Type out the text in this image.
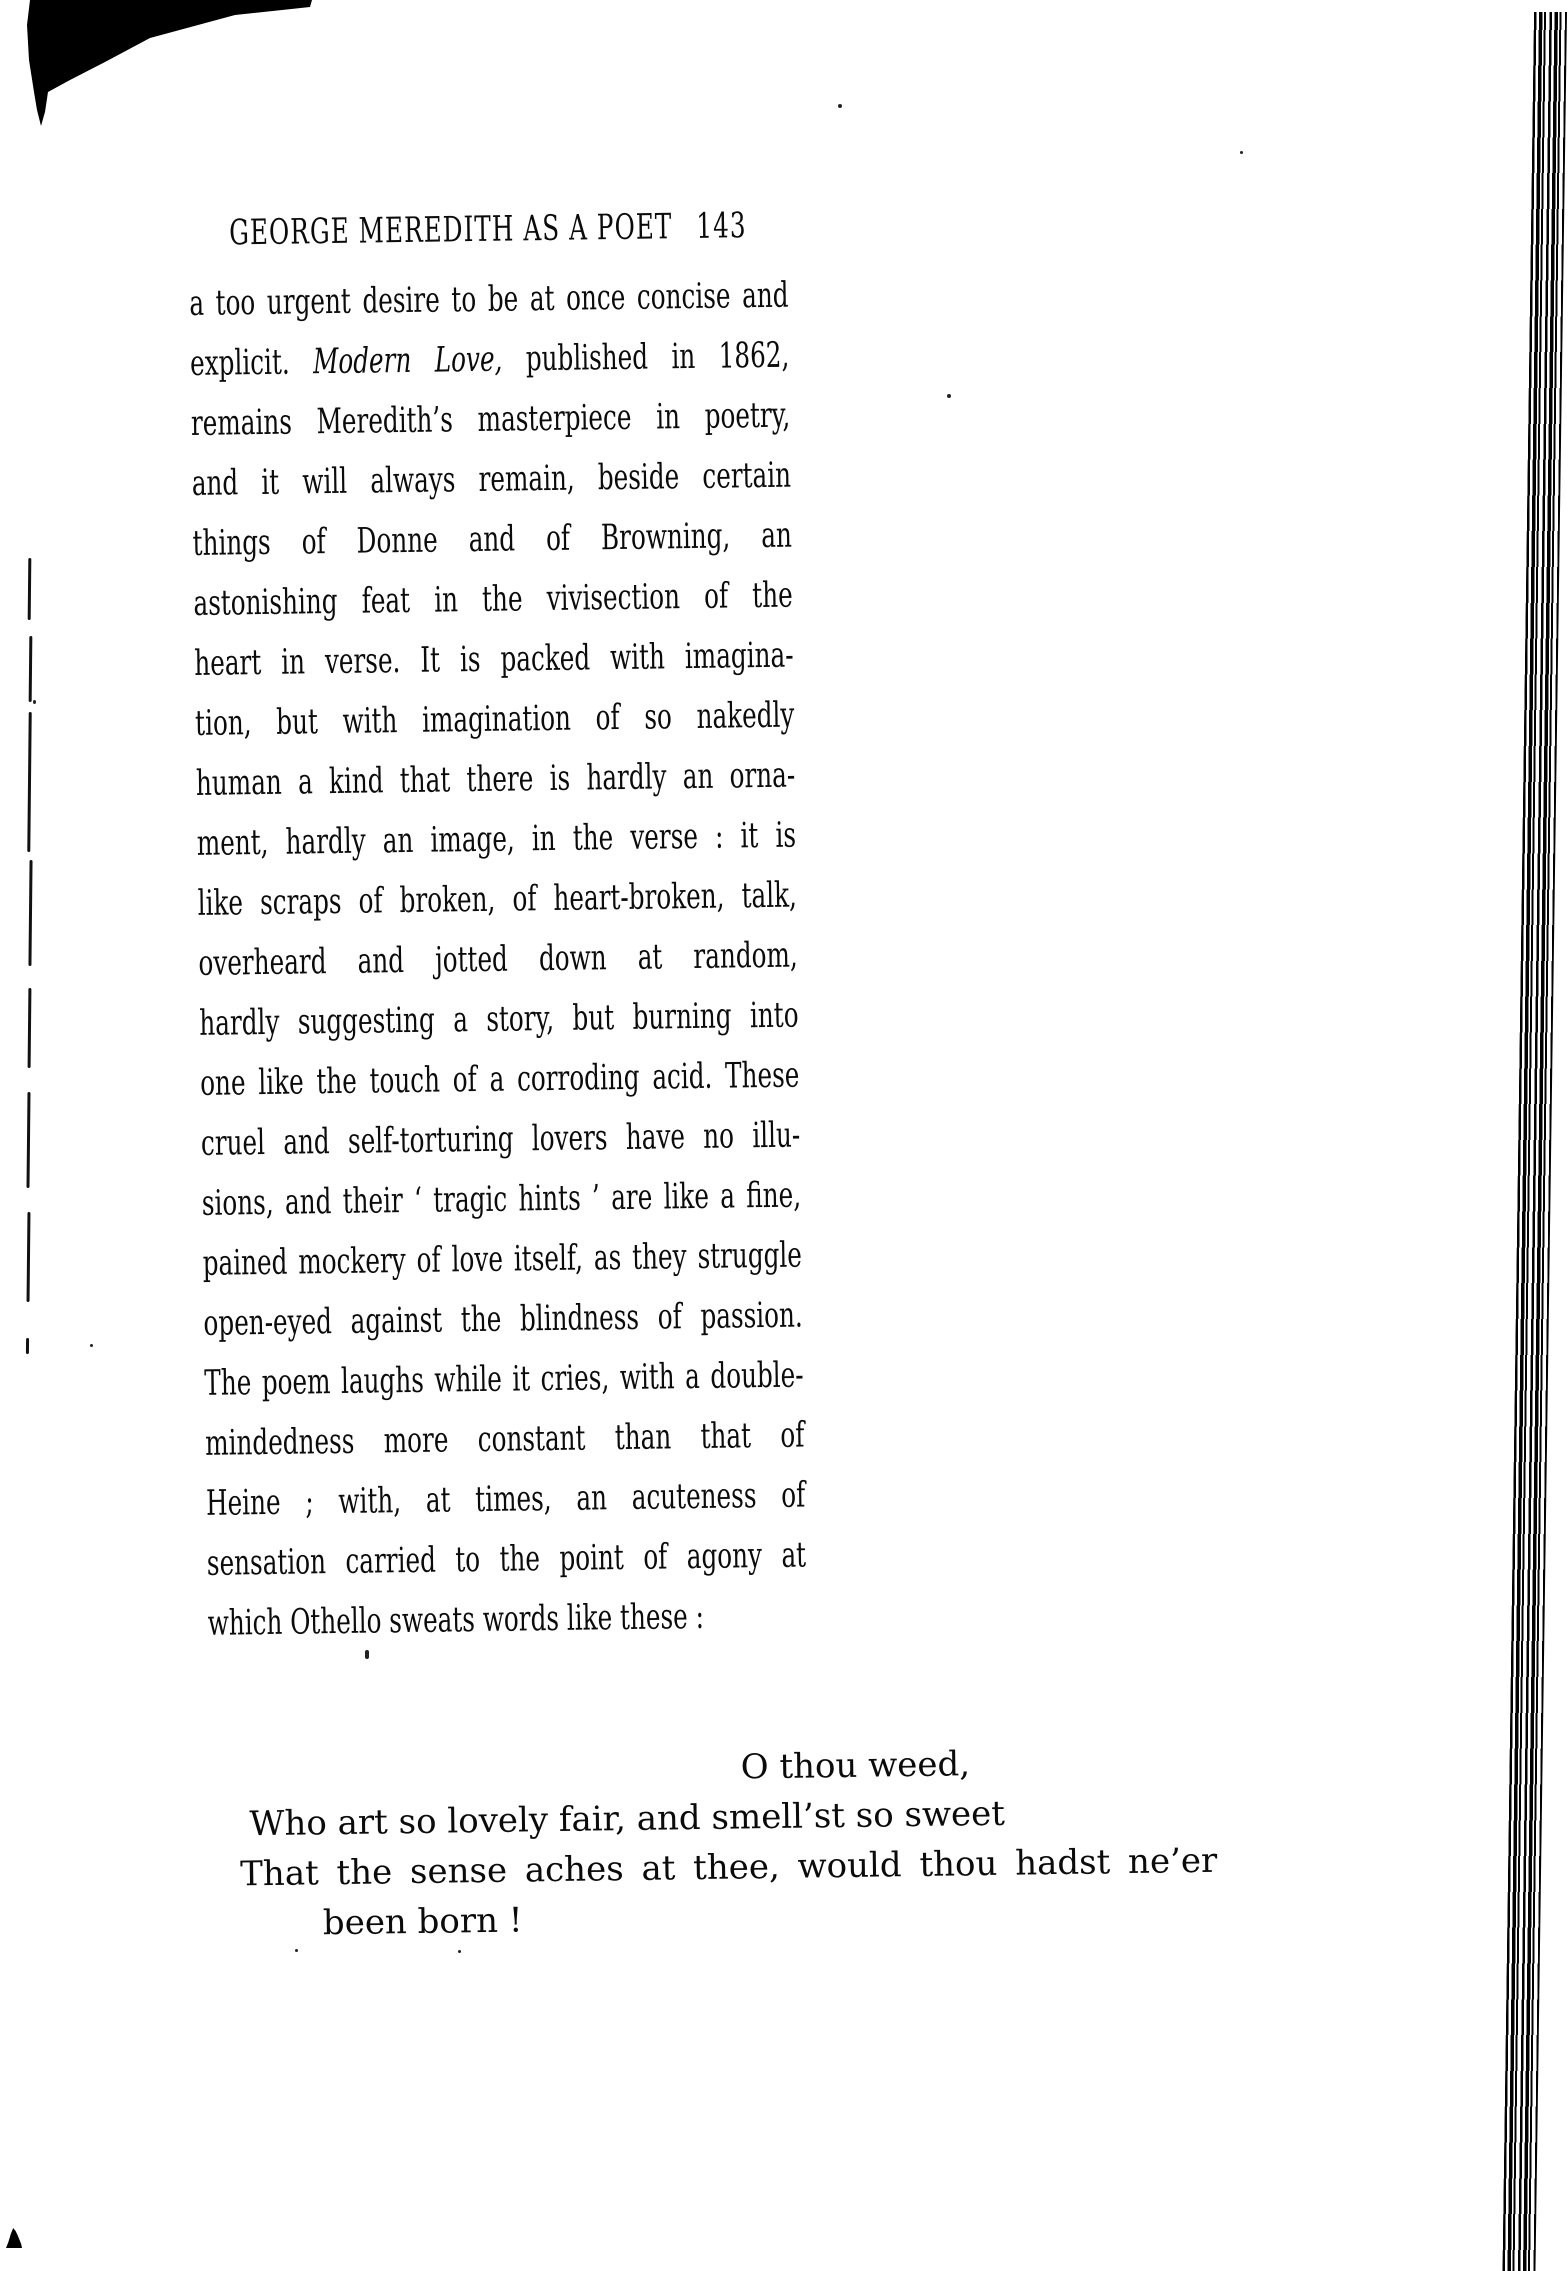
GEORGE MEREDITH AS A POET 143
a too urgent desire to be at once concise and
explicit. Modern Love, published in 1862,
remains Meredith’s masterpiece in poetry,
and it will always remain, beside certain
things of Donne and of Browning, an
astonishing feat in the vivisection of the
heart in verse. It is packed with imagina-
tion, but with imagination of so nakedly
human a kind that there is hardly an orna-
ment, hardly an image, in the verse : it is
like scraps of broken, of heart-broken, talk,
overheard and jotted down at random,
hardly suggesting a story, but burning into
one like the touch of a corroding acid. These
cruel and self-torturing lovers have no illu-
sions, and their ‘ tragic hints ’ are like a fine,
pained mockery of love itself, as they struggle
open-eyed against the blindness of passion.
The poem laughs while it cries, with a double-
mindedness more constant than that of
Heine ; with, at times, an acuteness of
sensation carried to the point of agony at
which Othello sweats words like these :
O thou weed,
Who art so lovely fair, and smell’st so sweet
That the sense aches at thee, would thou hadst ne’er
been born !
